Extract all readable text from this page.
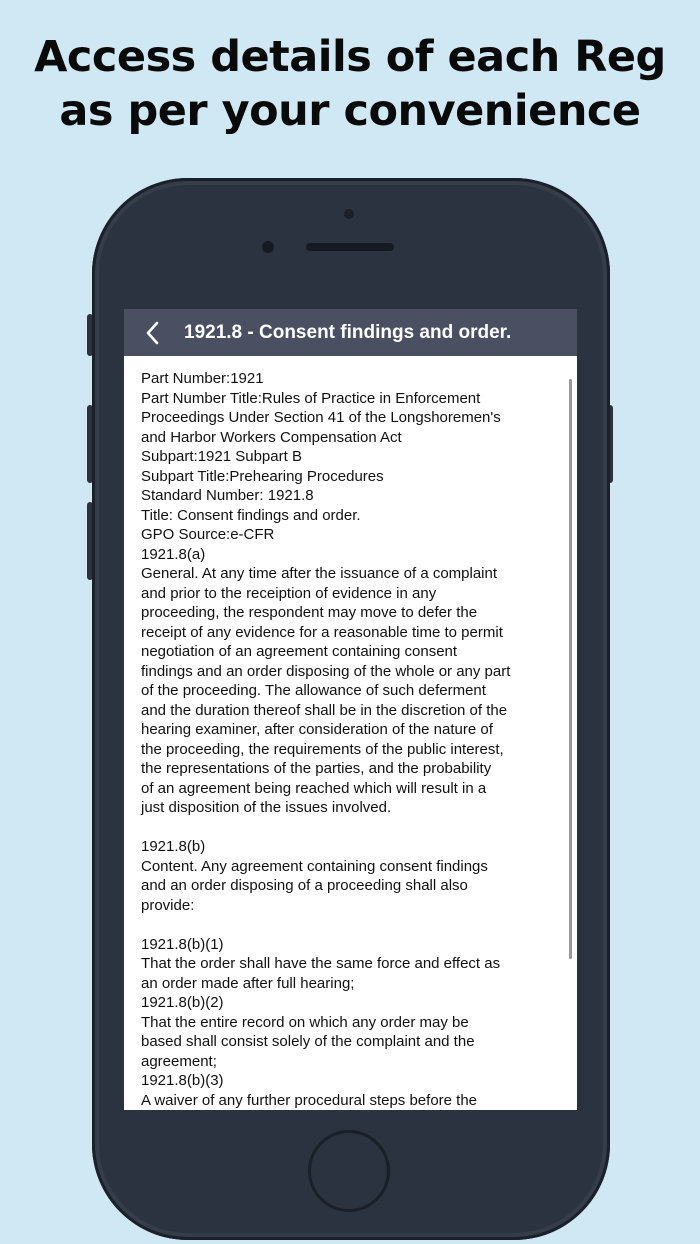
Access details of each Reg
as per your convenience
1921.8 - Consent findings and order.
Part Number:1921
Part Number Title:Rules of Practice in Enforcement
Proceedings Under Section 41 of the Longshoremen's
and Harbor Workers Compensation Act
Subpart:1921 Subpart B
Subpart Title:Prehearing Procedures
Standard Number: 1921.8
Title: Consent findings and order.
GPO Source:e-CFR
1921.8(a)
General. At any time after the issuance of a complaint
and prior to the receiption of evidence in any
proceeding, the respondent may move to defer the
receipt of any evidence for a reasonable time to permit
negotiation of an agreement containing consent
findings and an order disposing of the whole or any part
of the proceeding. The allowance of such deferment
and the duration thereof shall be in the discretion of the
hearing examiner, after consideration of the nature of
the proceeding, the requirements of the public interest,
the representations of the parties, and the probability
of an agreement being reached which will result in a
just disposition of the issues involved.
1921.8(b)
Content. Any agreement containing consent findings
and an order disposing of a proceeding shall also
provide:
1921.8(b)(1)
That the order shall have the same force and effect as
an order made after full hearing;
1921.8(b)(2)
That the entire record on which any order may be
based shall consist solely of the complaint and the
agreement;
1921.8(b)(3)
A waiver of any further procedural steps before the
